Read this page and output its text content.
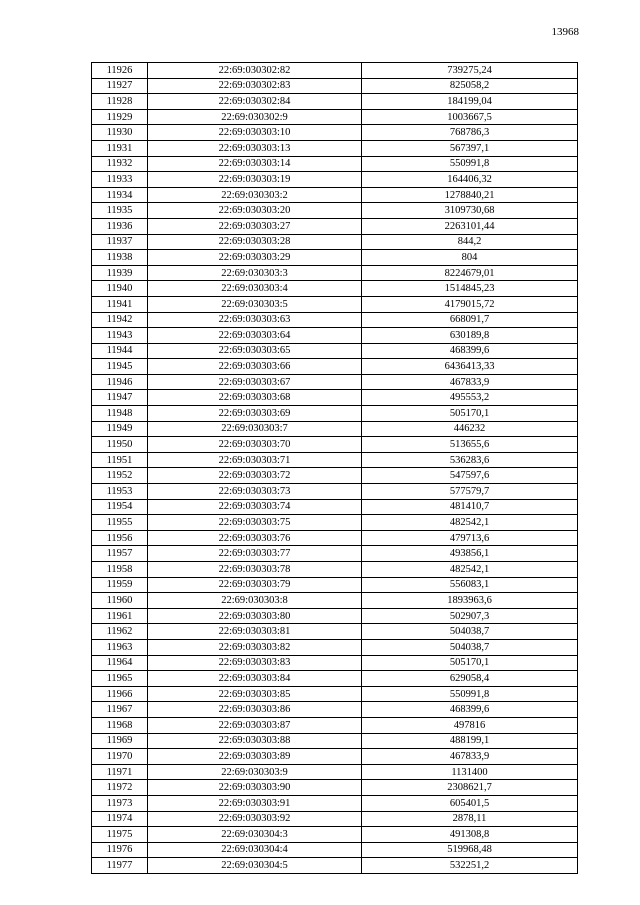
13968
11926	22:69:030302:82	739275,24
11927	22:69:030302:83	825058,2
11928	22:69:030302:84	184199,04
11929	22:69:030302:9	1003667,5
11930	22:69:030303:10	768786,3
11931	22:69:030303:13	567397,1
11932	22:69:030303:14	550991,8
11933	22:69:030303:19	164406,32
11934	22:69:030303:2	1278840,21
11935	22:69:030303:20	3109730,68
11936	22:69:030303:27	2263101,44
11937	22:69:030303:28	844,2
11938	22:69:030303:29	804
11939	22:69:030303:3	8224679,01
11940	22:69:030303:4	1514845,23
11941	22:69:030303:5	4179015,72
11942	22:69:030303:63	668091,7
11943	22:69:030303:64	630189,8
11944	22:69:030303:65	468399,6
11945	22:69:030303:66	6436413,33
11946	22:69:030303:67	467833,9
11947	22:69:030303:68	495553,2
11948	22:69:030303:69	505170,1
11949	22:69:030303:7	446232
11950	22:69:030303:70	513655,6
11951	22:69:030303:71	536283,6
11952	22:69:030303:72	547597,6
11953	22:69:030303:73	577579,7
11954	22:69:030303:74	481410,7
11955	22:69:030303:75	482542,1
11956	22:69:030303:76	479713,6
11957	22:69:030303:77	493856,1
11958	22:69:030303:78	482542,1
11959	22:69:030303:79	556083,1
11960	22:69:030303:8	1893963,6
11961	22:69:030303:80	502907,3
11962	22:69:030303:81	504038,7
11963	22:69:030303:82	504038,7
11964	22:69:030303:83	505170,1
11965	22:69:030303:84	629058,4
11966	22:69:030303:85	550991,8
11967	22:69:030303:86	468399,6
11968	22:69:030303:87	497816
11969	22:69:030303:88	488199,1
11970	22:69:030303:89	467833,9
11971	22:69:030303:9	1131400
11972	22:69:030303:90	2308621,7
11973	22:69:030303:91	605401,5
11974	22:69:030303:92	2878,11
11975	22:69:030304:3	491308,8
11976	22:69:030304:4	519968,48
11977	22:69:030304:5	532251,2
